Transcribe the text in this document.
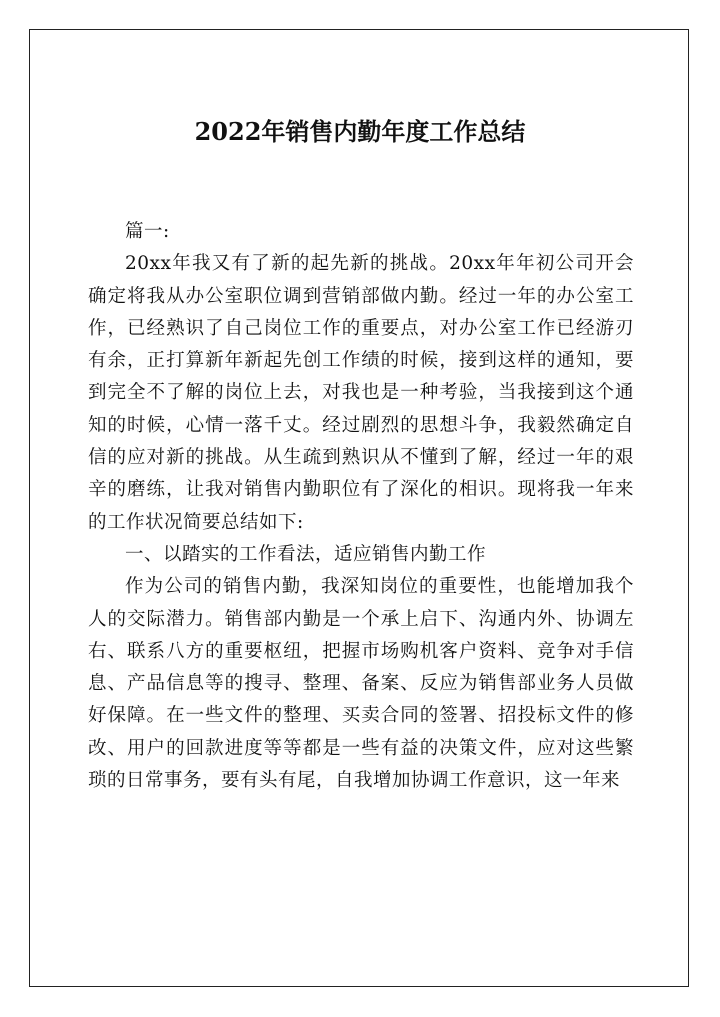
2022年销售内勤年度工作总结

篇一:

20xx年我又有了新的起先新的挑战。20xx年年初公司开会确定将我从办公室职位调到营销部做内勤。经过一年的办公室工作，已经熟识了自己岗位工作的重要点，对办公室工作已经游刃有余，正打算新年新起先创工作绩的时候，接到这样的通知，要到完全不了解的岗位上去，对我也是一种考验，当我接到这个通知的时候，心情一落千丈。经过剧烈的思想斗争，我毅然确定自信的应对新的挑战。从生疏到熟识从不懂到了解，经过一年的艰辛的磨练，让我对销售内勤职位有了深化的相识。现将我一年来的工作状况简要总结如下:

一、以踏实的工作看法，适应销售内勤工作

作为公司的销售内勤，我深知岗位的重要性，也能增加我个人的交际潜力。销售部内勤是一个承上启下、沟通内外、协调左右、联系八方的重要枢纽，把握市场购机客户资料、竞争对手信息、产品信息等的搜寻、整理、备案、反应为销售部业务人员做好保障。在一些文件的整理、买卖合同的签署、招投标文件的修改、用户的回款进度等等都是一些有益的决策文件，应对这些繁琐的日常事务，要有头有尾，自我增加协调工作意识，这一年来
